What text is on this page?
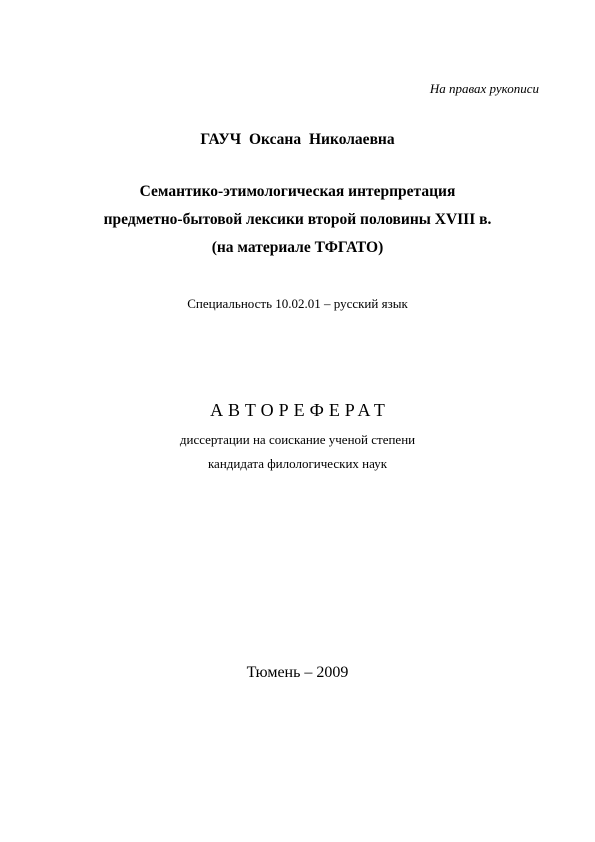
На правах рукописи
ГАУЧ Оксана Николаевна
Семантико-этимологическая интерпретация
предметно-бытовой лексики второй половины XVIII в.
(на материале ТФГАТО)
Специальность 10.02.01 – русский язык
АВТОРЕФЕРАТ
диссертации на соискание ученой степени
кандидата филологических наук
Тюмень – 2009
